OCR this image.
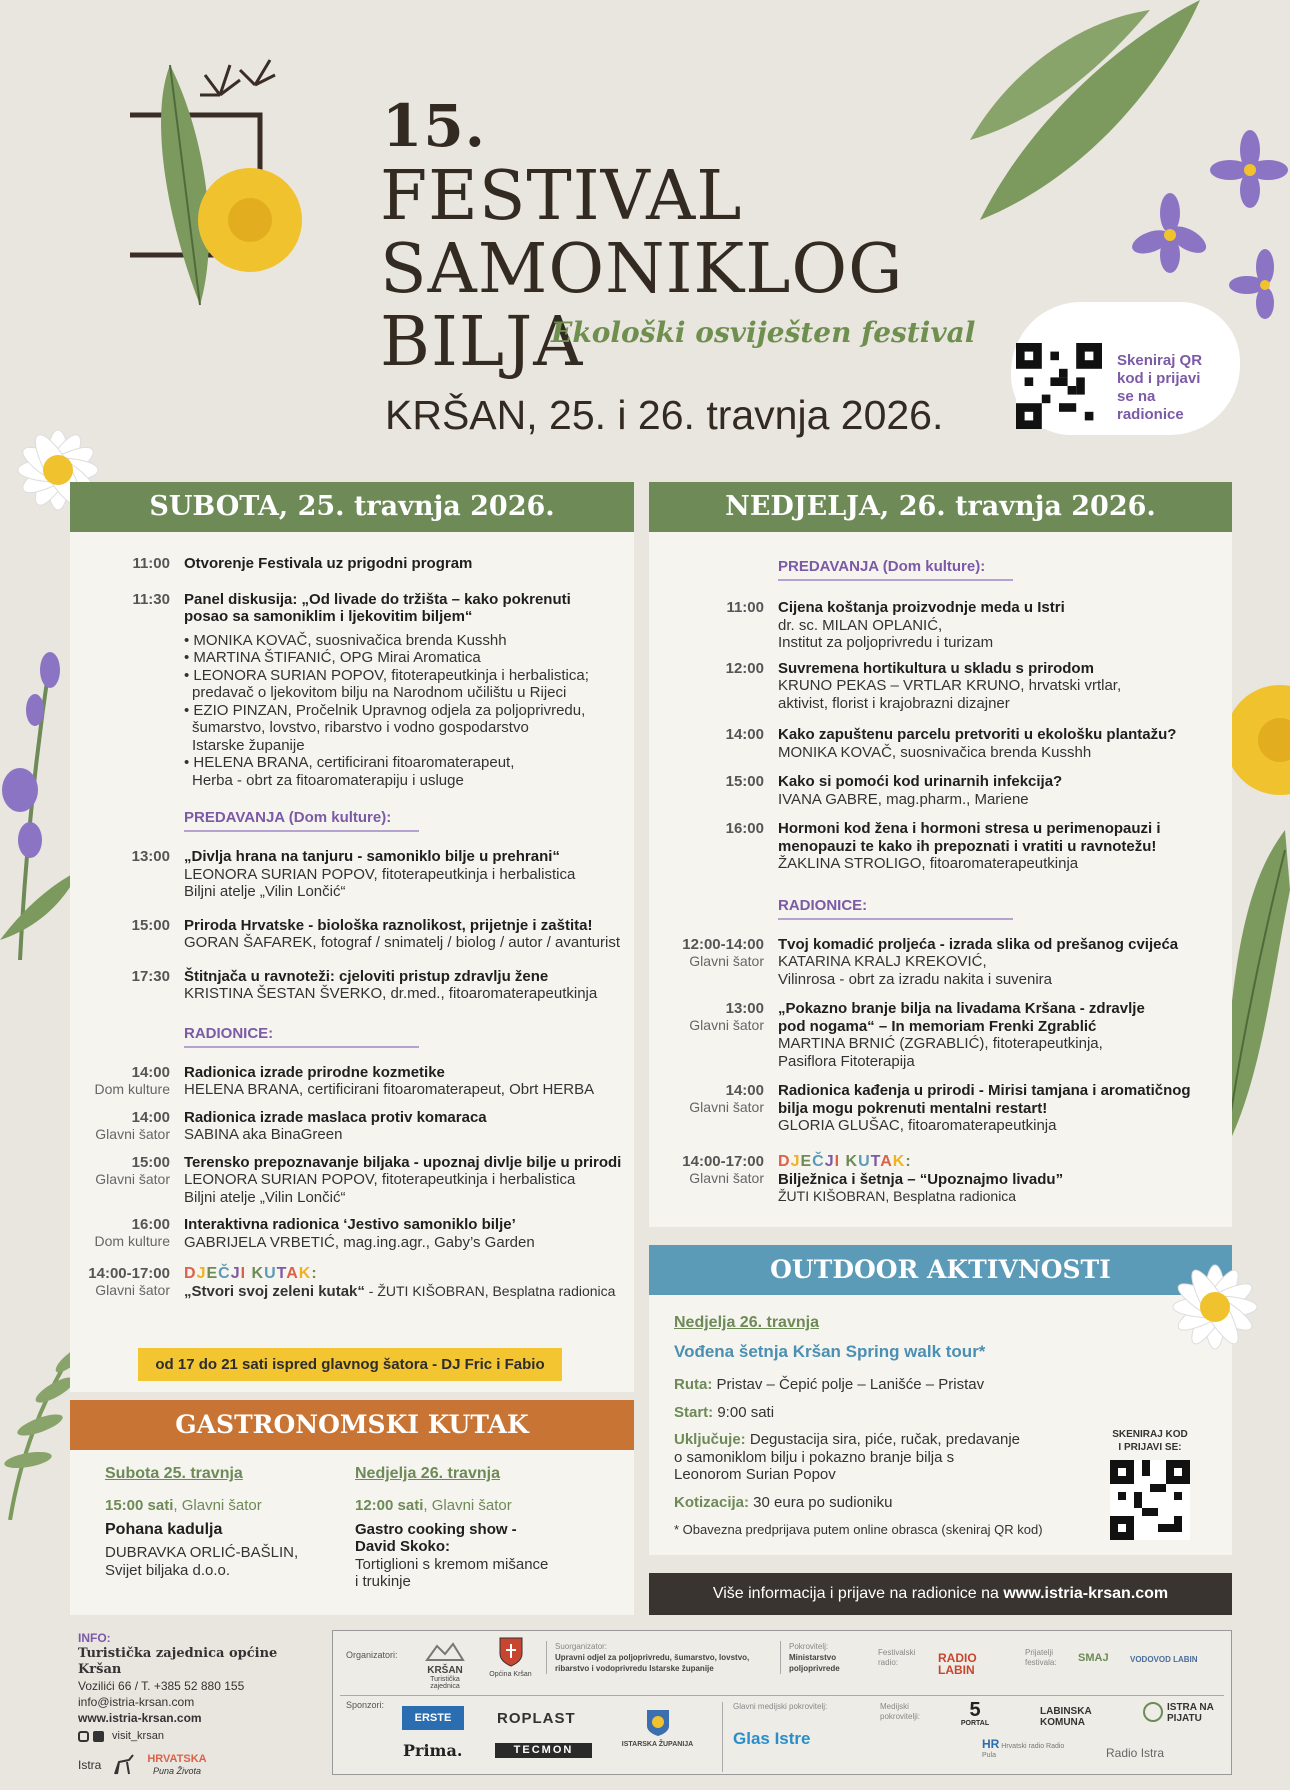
15.
FESTIVAL
SAMONIKLOG
BILJA
Ekološki osviješten festival
KRŠAN, 25. i 26. travnja 2026.
Skeniraj QR kod i prijavi se na radionice
SUBOTA, 25. travnja 2026.
11:00 Otvorenje Festivala uz prigodni program
11:30 Panel diskusija: „Od livade do tržišta – kako pokrenuti
posao sa samoniklim i ljekovitim biljem“
• MONIKA KOVAČ, suosnivačica brenda Kusshh
• MARTINA ŠTIFANIĆ, OPG Mirai Aromatica
• LEONORA SURIAN POPOV, fitoterapeutkinja i herbalistica;
predavač o ljekovitom bilju na Narodnom učilištu u Rijeci
• EZIO PINZAN, Pročelnik Upravnog odjela za poljoprivredu,
šumarstvo, lovstvo, ribarstvo i vodno gospodarstvo
Istarske županije
• HELENA BRANA, certificirani fitoaromaterapeut,
Herba - obrt za fitoaromaterapiju i usluge
PREDAVANJA (Dom kulture):
13:00 „Divlja hrana na tanjuru - samoniklo bilje u prehrani“
LEONORA SURIAN POPOV, fitoterapeutkinja i herbalistica
Biljni atelje „Vilin Lončić“
15:00 Priroda Hrvatske - biološka raznolikost, prijetnje i zaštita!
GORAN ŠAFAREK, fotograf / snimatelj / biolog / autor / avanturist
17:30 Štitnjača u ravnoteži: cjeloviti pristup zdravlju žene
KRISTINA ŠESTAN ŠVERKO, dr.med., fitoaromaterapeutkinja
RADIONICE:
14:00
Dom kulture
Radionica izrade prirodne kozmetike
HELENA BRANA, certificirani fitoaromaterapeut, Obrt HERBA
14:00
Glavni šator
Radionica izrade maslaca protiv komaraca
SABINA aka BinaGreen
15:00
Glavni šator
Terensko prepoznavanje biljaka - upoznaj divlje bilje u prirodi
LEONORA SURIAN POPOV, fitoterapeutkinja i herbalistica
Biljni atelje „Vilin Lončić“
16:00
Dom kulture
Interaktivna radionica ‘Jestivo samoniklo bilje’
GABRIJELA VRBETIĆ, mag.ing.agr., Gaby’s Garden
14:00-17:00
Glavni šator
DJEČJI KUTAK:
„Stvori svoj zeleni kutak“ - ŽUTI KIŠOBRAN, Besplatna radionica
od 17 do 21 sati ispred glavnog šatora - DJ Fric i Fabio
NEDJELJA, 26. travnja 2026.
PREDAVANJA (Dom kulture):
11:00 Cijena koštanja proizvodnje meda u Istri
dr. sc. MILAN OPLANIĆ,
Institut za poljoprivredu i turizam
12:00 Suvremena hortikultura u skladu s prirodom
KRUNO PEKAS – VRTLAR KRUNO, hrvatski vrtlar,
aktivist, florist i krajobrazni dizajner
14:00 Kako zapuštenu parcelu pretvoriti u ekološku plantažu?
MONIKA KOVAČ, suosnivačica brenda Kusshh
15:00 Kako si pomoći kod urinarnih infekcija?
IVANA GABRE, mag.pharm., Mariene
16:00 Hormoni kod žena i hormoni stresa u perimenopauzi i
menopauzi te kako ih prepoznati i vratiti u ravnotežu!
ŽAKLINA STROLIGO, fitoaromaterapeutkinja
RADIONICE:
12:00-14:00
Glavni šator
Tvoj komadić proljeća - izrada slika od prešanog cvijeća
KATARINA KRALJ KREKOVIĆ,
Vilinrosa - obrt za izradu nakita i suvenira
13:00
Glavni šator
„Pokazno branje bilja na livadama Kršana - zdravlje
pod nogama“ – In memoriam Frenki Zgrablić
MARTINA BRNIĆ (ZGRABLIĆ), fitoterapeutkinja,
Pasiflora Fitoterapija
14:00
Glavni šator
Radionica kađenja u prirodi - Mirisi tamjana i aromatičnog
bilja mogu pokrenuti mentalni restart!
GLORIA GLUŠAC, fitoaromaterapeutkinja
14:00-17:00
Glavni šator
DJEČJI KUTAK:
Bilježnica i šetnja – “Upoznajmo livadu”
ŽUTI KIŠOBRAN, Besplatna radionica
GASTRONOMSKI KUTAK
Subota 25. travnja
15:00 sati, Glavni šator
Pohana kadulja
DUBRAVKA ORLIĆ-BAŠLIN,
Svijet biljaka d.o.o.
Nedjelja 26. travnja
12:00 sati, Glavni šator
Gastro cooking show -
David Skoko:
Tortiglioni s kremom mišance
i trukinje
OUTDOOR AKTIVNOSTI
Nedjelja 26. travnja
Vođena šetnja Kršan Spring walk tour*
Ruta: Pristav – Čepić polje – Lanišće – Pristav
Start: 9:00 sati
Uključuje: Degustacija sira, piće, ručak, predavanje
o samoniklom bilju i pokazno branje bilja s
Leonorom Surian Popov
Kotizacija: 30 eura po sudioniku
* Obavezna predprijava putem online obrasca (skeniraj QR kod)
SKENIRAJ KOD
I PRIJAVI SE:
Više informacija i prijave na radionice na www.istria-krsan.com
INFO:
Turistička zajednica općine Kršan
Vozilići 66 / T. +385 52 880 155
info@istria-krsan.com
www.istria-krsan.com
visit_krsan
Istra	HRVATSKA
Puna Života
Organizatori:
KRŠAN
Turistička zajednica
Općina Kršan
Suorganizator:
Upravni odjel za poljoprivredu, šumarstvo, lovstvo, ribarstvo i vodoprivredu Istarske županije
Pokrovitelj:
Ministarstvo poljoprivrede
Festivalski radio:	RADIO LABIN
Prijatelji festivala:	SMAJ	VODOVOD LABIN
Sponzori:
ERSTE	ROPLAST
Prima.	TECMON	ISTARSKA ŽUPANIJA
Glavni medijski pokrovitelj:
Glas Istre
Medijski pokrovitelji:	5
PORTAL
LABINSKA KOMUNA
ISTRA NA PIJATU
HR Hrvatski radio Radio Pula	Radio Istra
